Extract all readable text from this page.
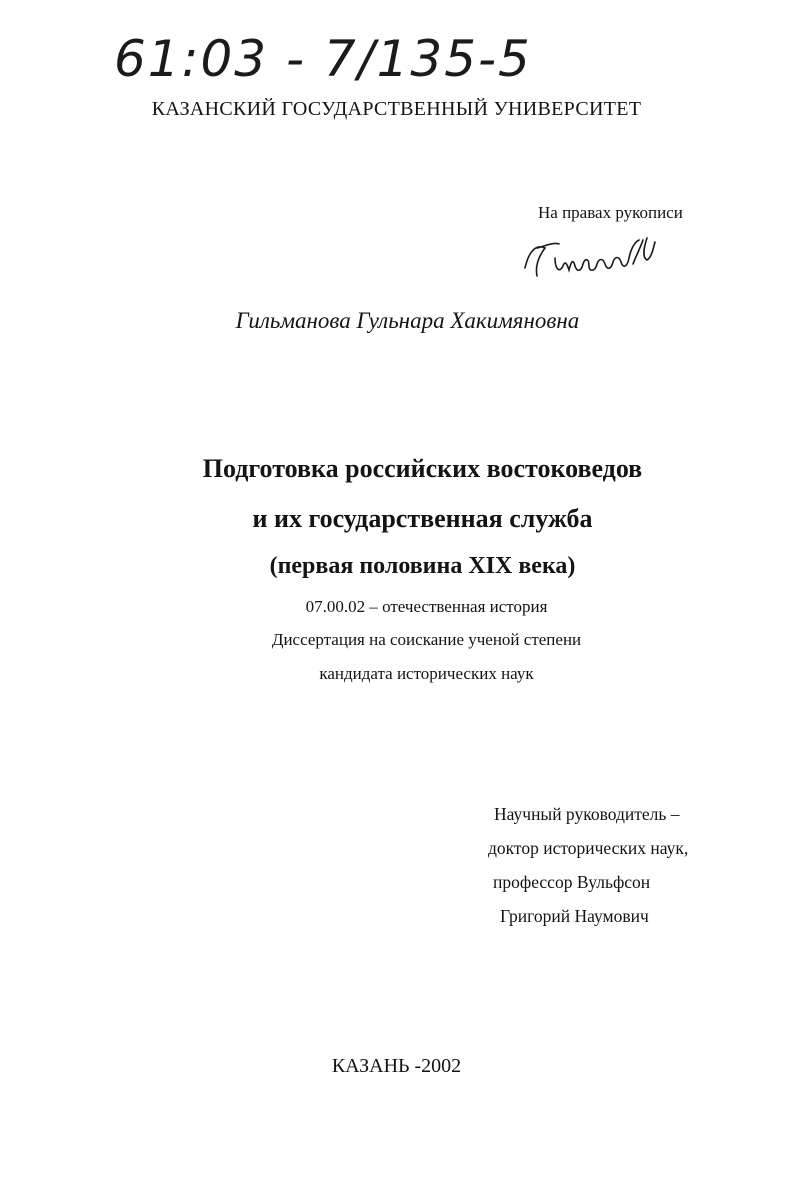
61:03 - 7/135-5
КАЗАНСКИЙ ГОСУДАРСТВЕННЫЙ УНИВЕРСИТЕТ
На правах рукописи
Гильманова Гульнара Хакимяновна
Подготовка российских востоковедов
и их государственная служба
(первая половина XIX века)
07.00.02 – отечественная история
Диссертация на соискание ученой степени
кандидата исторических наук
Научный руководитель –
доктор исторических наук,
профессор Вульфсон
Григорий Наумович
КАЗАНЬ -2002
